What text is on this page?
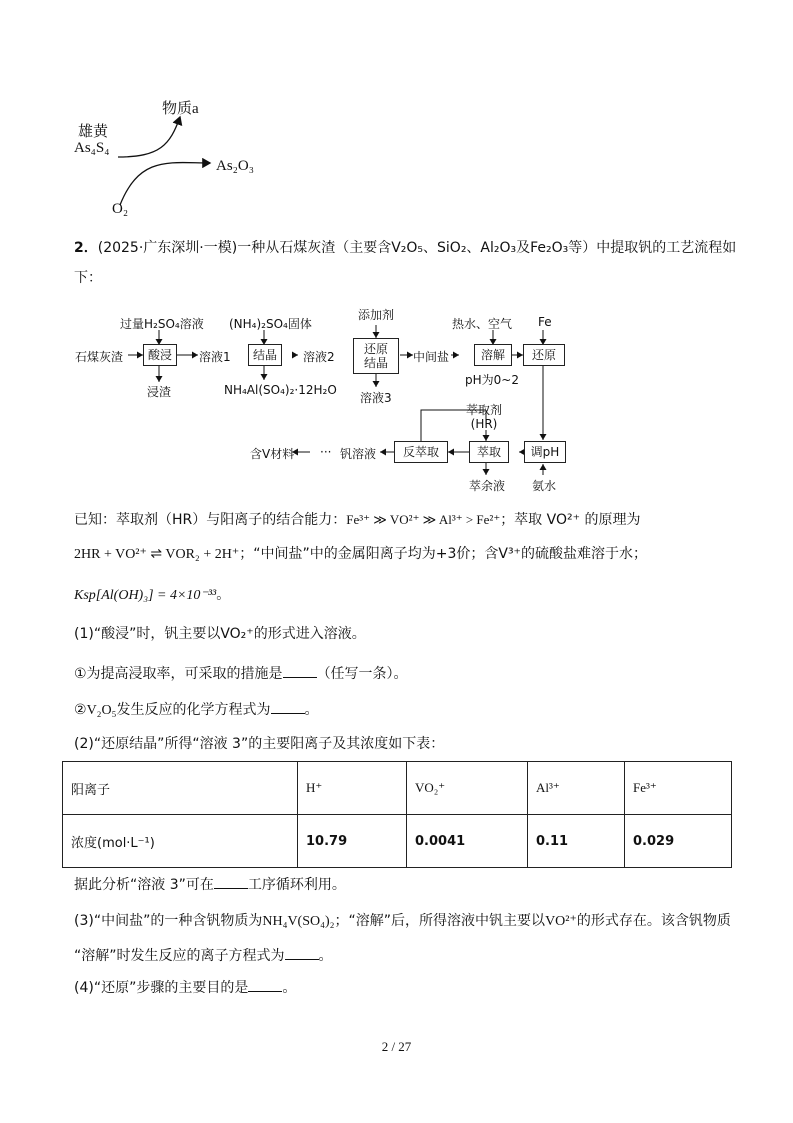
雄黄
As₄S₄
物质a
As₂O₃
O₂
2．(2025·广东深圳·一模)一种从石煤灰渣（主要含V₂O₅、SiO₂、Al₂O₃及Fe₂O₃等）中提取钒的工艺流程如
下：
石煤灰渣
过量H₂SO₄溶液
酸浸
浸渣
溶液1
(NH₄)₂SO₄固体
结晶
NH₄Al(SO₄)₂·12H₂O
溶液2
添加剂
还原
结晶
溶液3
中间盐
热水、空气
溶解
pH为0~2
Fe
还原
调pH
氨水
萃取剂
(HR)
萃取
萃余液
反萃取
钒溶液
···
含V材料
已知：萃取剂（HR）与阳离子的结合能力：Fe³⁺ ≫ VO²⁺ ≫ Al³⁺ > Fe²⁺；萃取 VO²⁺ 的原理为
2HR + VO²⁺ ⇌ VOR₂ + 2H⁺；“中间盐”中的金属阳离子均为+3价；含V³⁺的硫酸盐难溶于水；
Ksp[Al(OH)₃] = 4×10⁻³³。
(1)“酸浸”时，钒主要以VO₂⁺的形式进入溶液。
①为提高浸取率，可采取的措施是 （任写一条）。
②V₂O₅发生反应的化学方程式为 。
(2)“还原结晶”所得“溶液 3”的主要阳离子及其浓度如下表：
阳离子	H⁺	VO₂⁺	Al³⁺	Fe³⁺
浓度(mol·L⁻¹)	10.79	0.0041	0.11	0.029
据此分析“溶液 3”可在 工序循环利用。
(3)“中间盐”的一种含钒物质为NH₄V(SO₄)₂；“溶解”后，所得溶液中钒主要以VO²⁺的形式存在。该含钒物质
“溶解”时发生反应的离子方程式为 。
(4)“还原”步骤的主要目的是 。
2 / 27
